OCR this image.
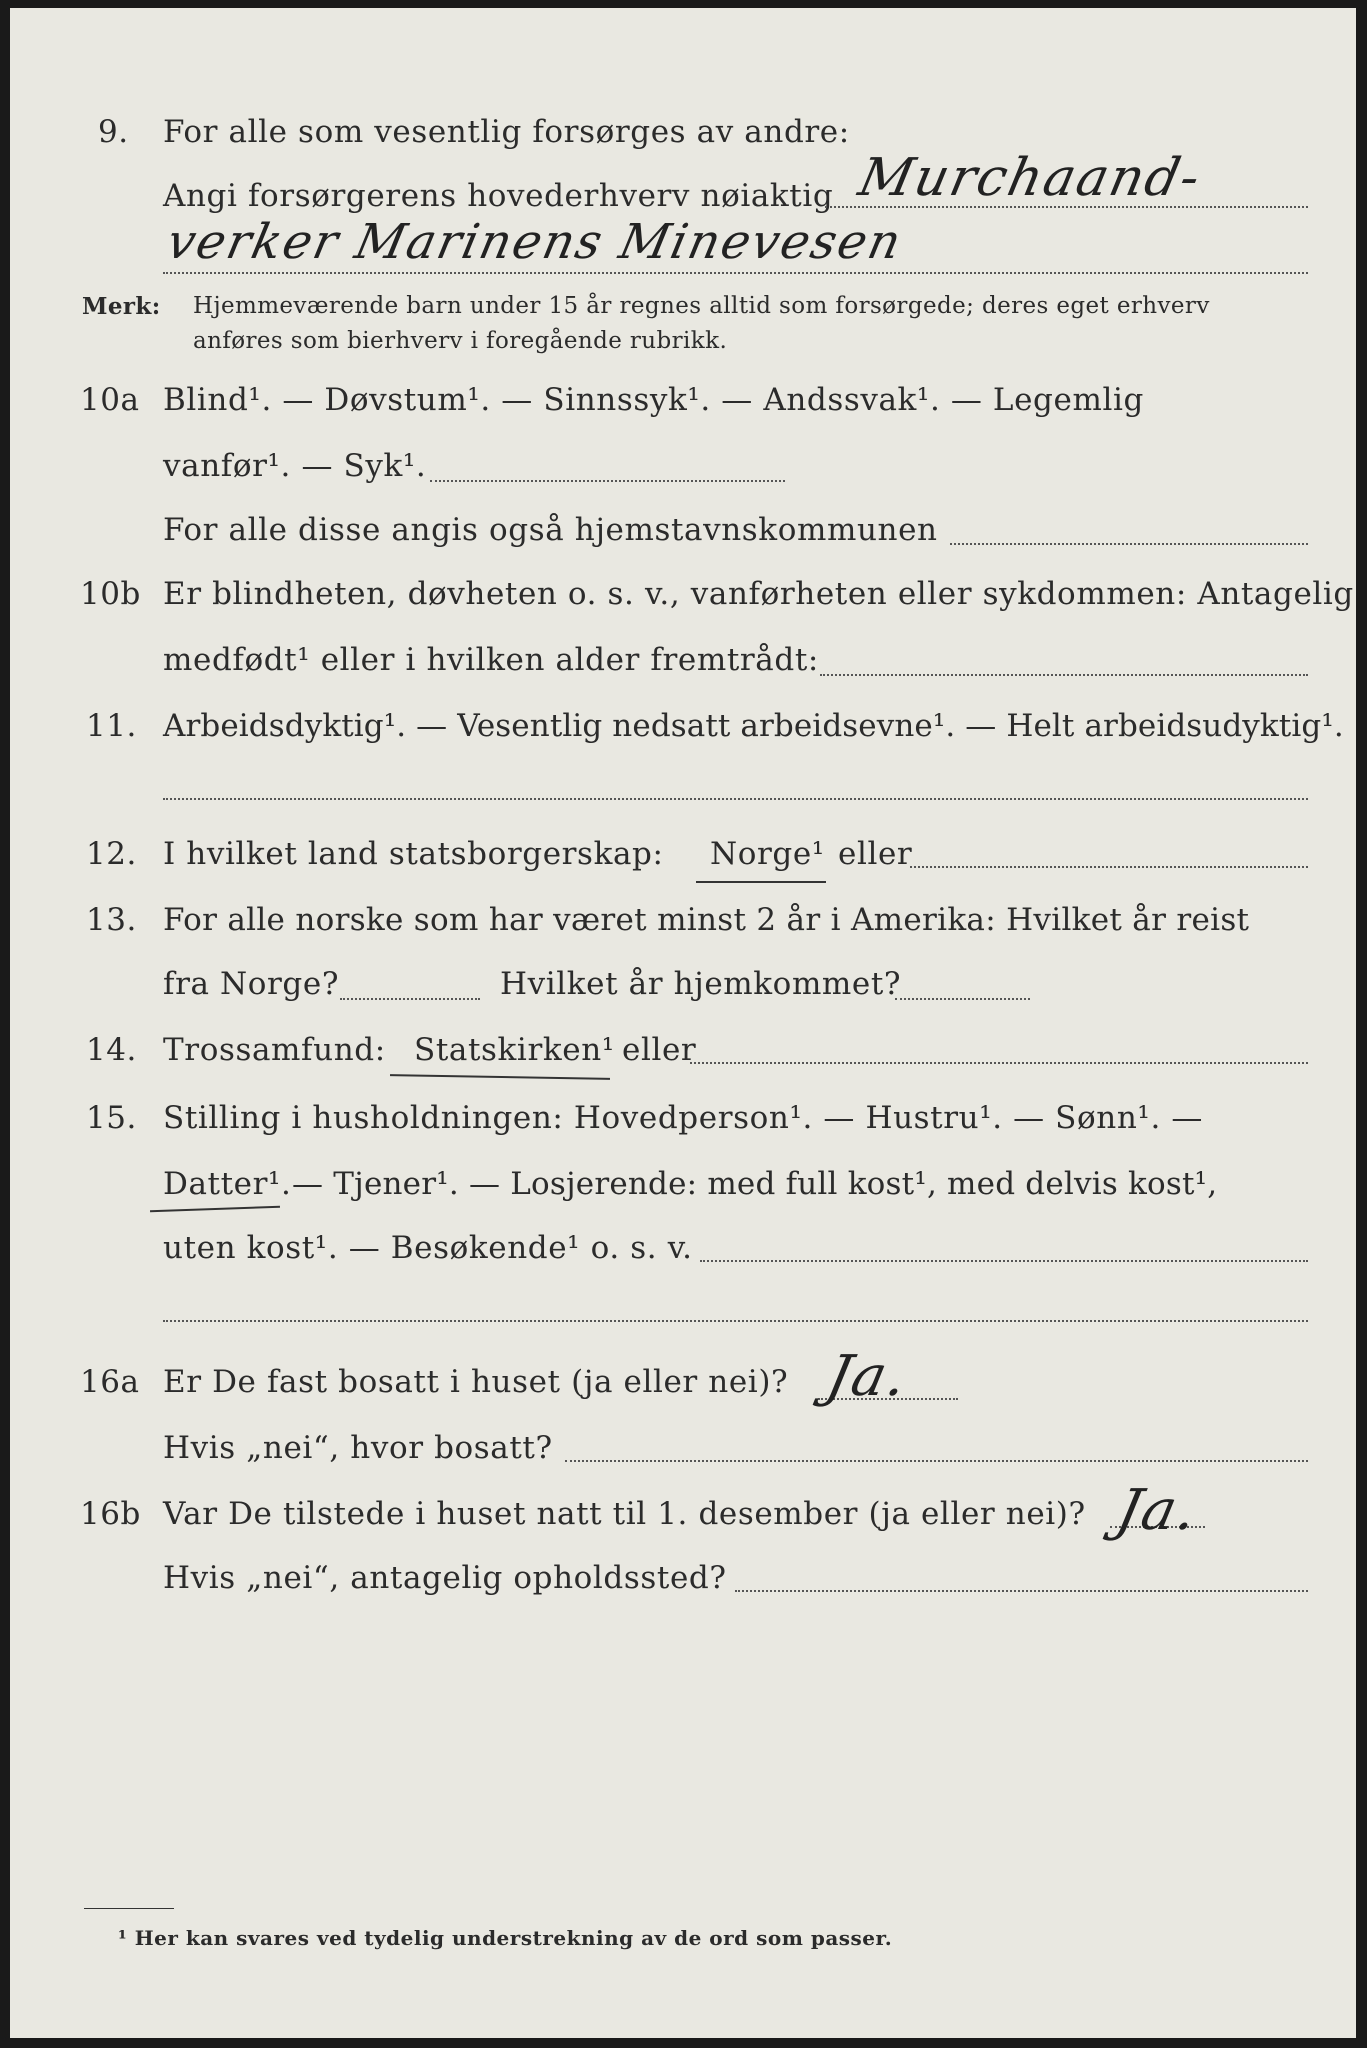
9. For alle som vesentlig forsørges av andre:
Angi forsørgerens hovederhverv nøiaktig Murchaand-
verker Marinens Minevesen
Merk: Hjemmeværende barn under 15 år regnes alltid som forsørgede; deres eget erhverv
anføres som bierhverv i foregående rubrikk.
10a Blind¹. — Døvstum¹. — Sinnssyk¹. — Andssvak¹. — Legemlig
vanfør¹. — Syk¹.
For alle disse angis også hjemstavnskommunen
10b Er blindheten, døvheten o. s. v., vanførheten eller sykdommen: Antagelig
medfødt¹ eller i hvilken alder fremtrådt:
11. Arbeidsdyktig¹. — Vesentlig nedsatt arbeidsevne¹. — Helt arbeidsudyktig¹.
12. I hvilket land statsborgerskap: Norge¹ eller
13. For alle norske som har været minst 2 år i Amerika: Hvilket år reist
fra Norge?	Hvilket år hjemkommet?
14. Trossamfund: Statskirken¹ eller
15. Stilling i husholdningen: Hovedperson¹. — Hustru¹. — Sønn¹. —
Datter¹. — Tjener¹. — Losjerende: med full kost¹, med delvis kost¹,
uten kost¹. — Besøkende¹ o. s. v.
16a Er De fast bosatt i huset (ja eller nei)? Ja.
Hvis „nei“, hvor bosatt?
16b Var De tilstede i huset natt til 1. desember (ja eller nei)? Ja.
Hvis „nei“, antagelig opholdssted?
¹ Her kan svares ved tydelig understrekning av de ord som passer.
